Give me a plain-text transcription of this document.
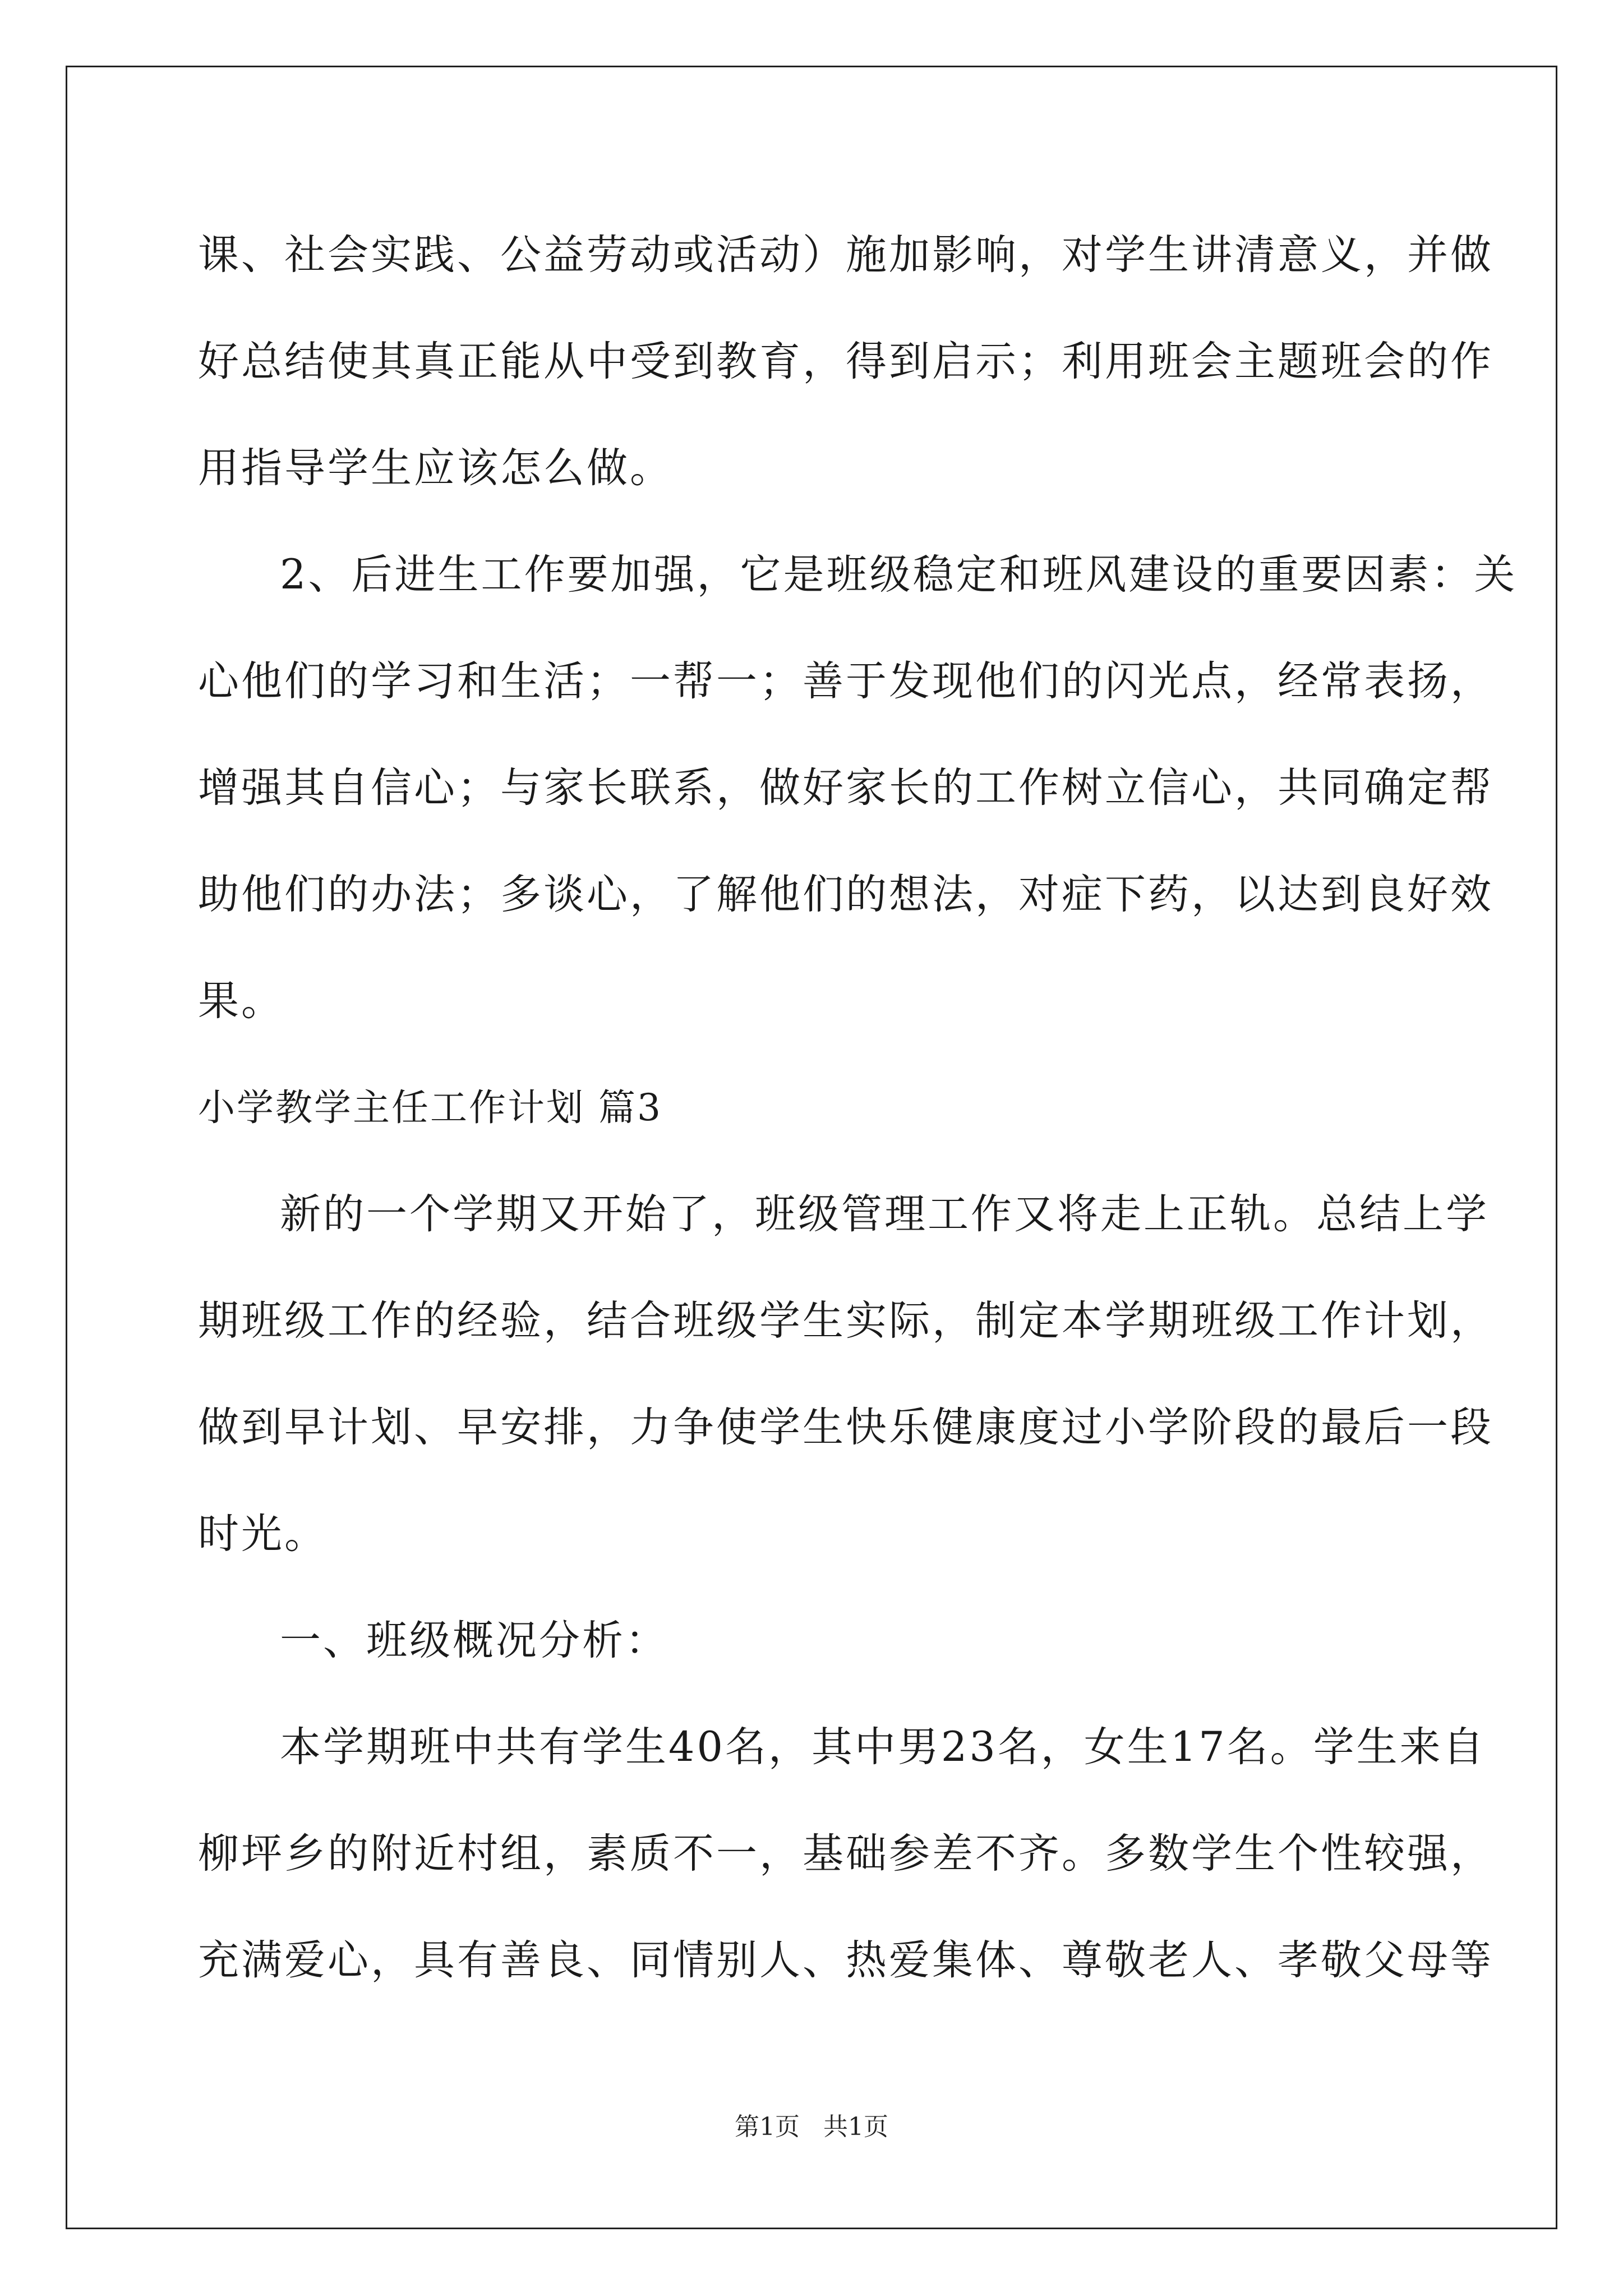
课、社会实践、公益劳动或活动）施加影响，对学生讲清意义，并做
好总结使其真正能从中受到教育，得到启示；利用班会主题班会的作
用指导学生应该怎么做。
2、后进生工作要加强，它是班级稳定和班风建设的重要因素：关
心他们的学习和生活；一帮一；善于发现他们的闪光点，经常表扬，
增强其自信心；与家长联系，做好家长的工作树立信心，共同确定帮
助他们的办法；多谈心，了解他们的想法，对症下药，以达到良好效
果。
小学教学主任工作计划 篇3
新的一个学期又开始了，班级管理工作又将走上正轨。总结上学
期班级工作的经验，结合班级学生实际，制定本学期班级工作计划，
做到早计划、早安排，力争使学生快乐健康度过小学阶段的最后一段
时光。
一、班级概况分析：
本学期班中共有学生40名，其中男23名，女生17名。学生来自
柳坪乡的附近村组，素质不一，基础参差不齐。多数学生个性较强，
充满爱心，具有善良、同情别人、热爱集体、尊敬老人、孝敬父母等
第1页   共1页
